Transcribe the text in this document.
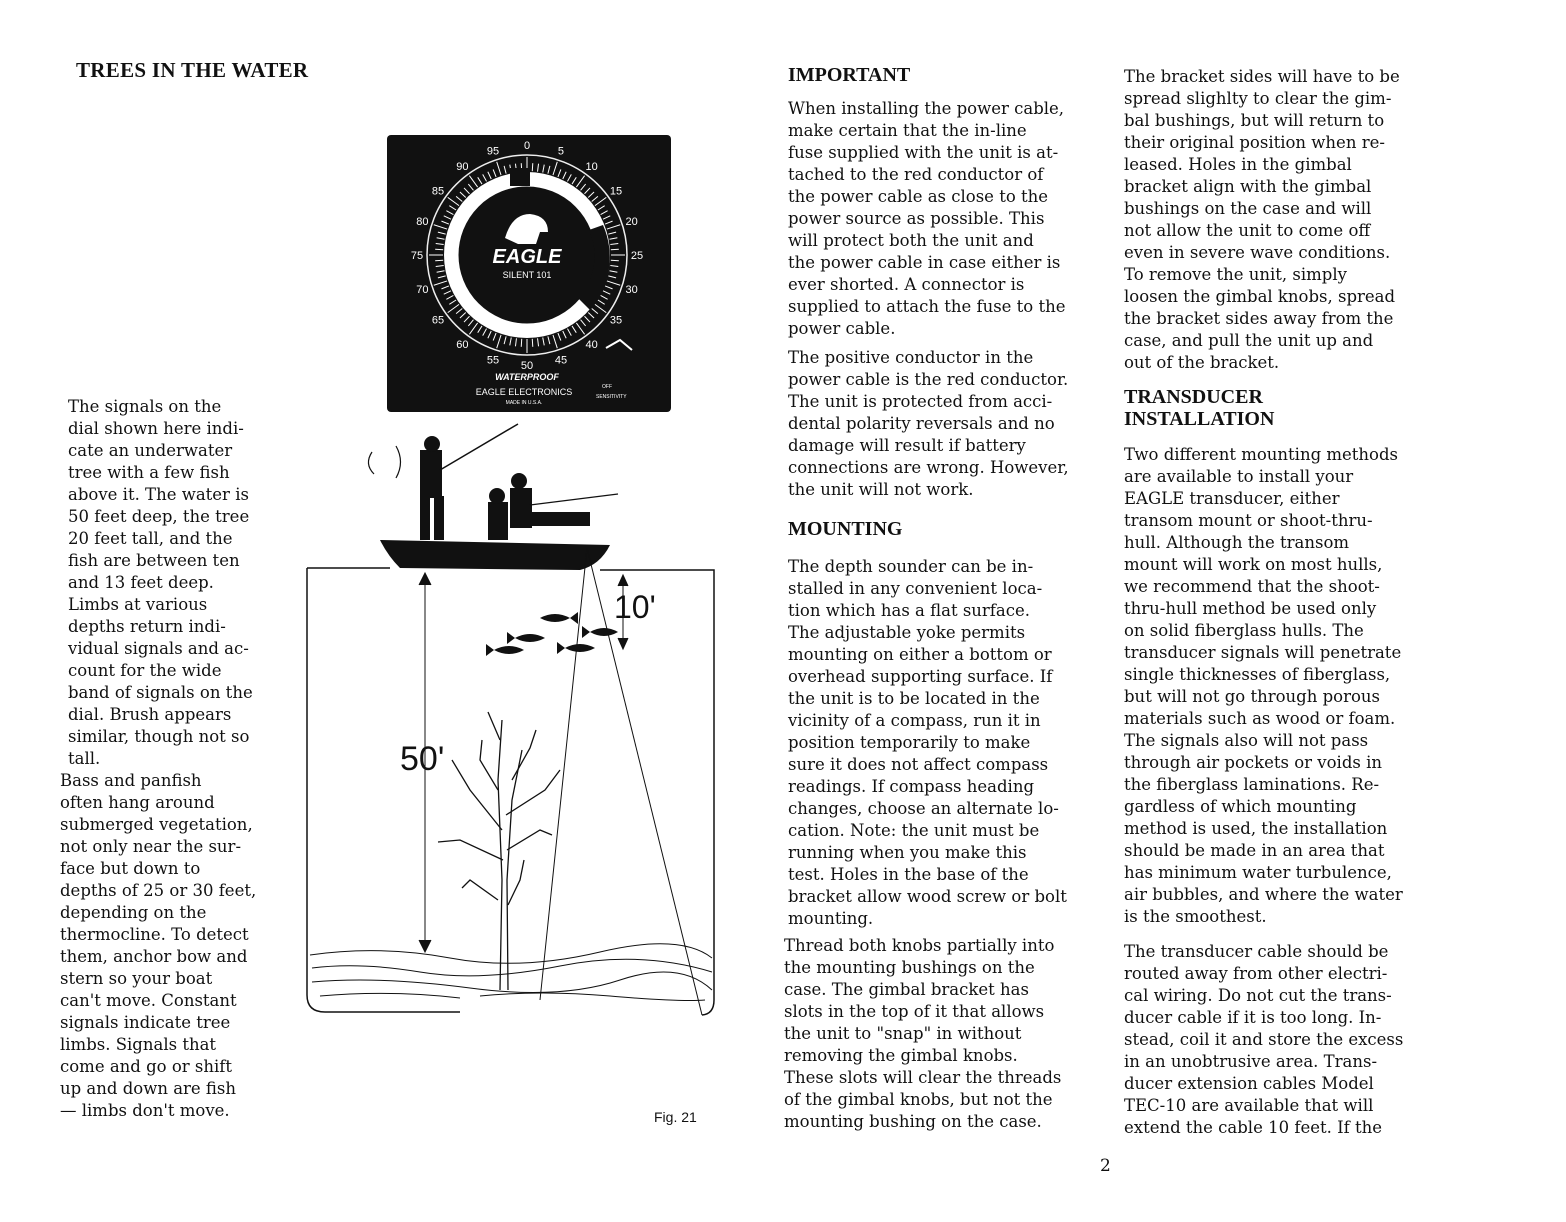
TREES IN THE WATER

The signals on the
dial shown here indi-
cate an underwater
tree with a few fish
above it. The water is
50 feet deep, the tree
20 feet tall, and the
fish are between ten
and 13 feet deep.
Limbs at various
depths return indi-
vidual signals and ac-
count for the wide
band of signals on the
dial. Brush appears
similar, though not so
tall.

Bass and panfish
often hang around
submerged vegetation,
not only near the sur-
face but down to
depths of 25 or 30 feet,
depending on the
thermocline. To detect
them, anchor bow and
stern so your boat
can't move. Constant
signals indicate tree
limbs. Signals that
come and go or shift
up and down are fish
— limbs don't move.

0	5
10
15
20
25
30
35
40
45
50
55
60
65
70
75
80
85
90
95
EAGLE
SILENT 101
WATERPROOF
EAGLE ELECTRONICS
MADE IN U.S.A.
OFF
SENSITIVITY
50'
10'
Fig. 21
IMPORTANT

When installing the power cable,
make certain that the in-line
fuse supplied with the unit is at-
tached to the red conductor of
the power cable as close to the
power source as possible. This
will protect both the unit and
the power cable in case either is
ever shorted. A connector is
supplied to attach the fuse to the
power cable.

The positive conductor in the
power cable is the red conductor.
The unit is protected from acci-
dental polarity reversals and no
damage will result if battery
connections are wrong. However,
the unit will not work.

MOUNTING

The depth sounder can be in-
stalled in any convenient loca-
tion which has a flat surface.
The adjustable yoke permits
mounting on either a bottom or
overhead supporting surface. If
the unit is to be located in the
vicinity of a compass, run it in
position temporarily to make
sure it does not affect compass
readings. If compass heading
changes, choose an alternate lo-
cation. Note: the unit must be
running when you make this
test. Holes in the base of the
bracket allow wood screw or bolt
mounting.

Thread both knobs partially into
the mounting bushings on the
case. The gimbal bracket has
slots in the top of it that allows
the unit to "snap" in without
removing the gimbal knobs.
These slots will clear the threads
of the gimbal knobs, but not the
mounting bushing on the case.

The bracket sides will have to be
spread slighlty to clear the gim-
bal bushings, but will return to
their original position when re-
leased. Holes in the gimbal
bracket align with the gimbal
bushings on the case and will
not allow the unit to come off
even in severe wave conditions.
To remove the unit, simply
loosen the gimbal knobs, spread
the bracket sides away from the
case, and pull the unit up and
out of the bracket.

TRANSDUCER
INSTALLATION

Two different mounting methods
are available to install your
EAGLE transducer, either
transom mount or shoot-thru-
hull. Although the transom
mount will work on most hulls,
we recommend that the shoot-
thru-hull method be used only
on solid fiberglass hulls. The
transducer signals will penetrate
single thicknesses of fiberglass,
but will not go through porous
materials such as wood or foam.
The signals also will not pass
through air pockets or voids in
the fiberglass laminations. Re-
gardless of which mounting
method is used, the installation
should be made in an area that
has minimum water turbulence,
air bubbles, and where the water
is the smoothest.

The transducer cable should be
routed away from other electri-
cal wiring. Do not cut the trans-
ducer cable if it is too long. In-
stead, coil it and store the excess
in an unobtrusive area. Trans-
ducer extension cables Model
TEC-10 are available that will
extend the cable 10 feet. If the

2
